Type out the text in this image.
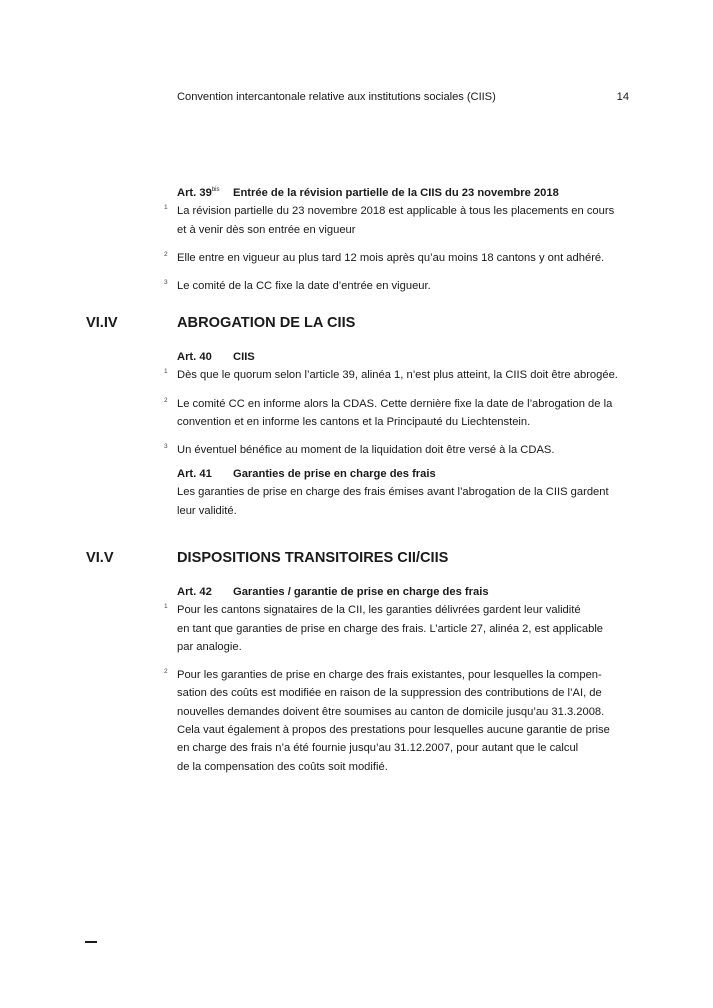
Convention intercantonale relative aux institutions sociales (CIIS)	14
Art. $39^{bis}$ Entrée de la révision partielle de la CIIS du 23 novembre 2018
1 La révision partielle du 23 novembre 2018 est applicable à tous les placements en cours
et à venir dès son entrée en vigueur
2 Elle entre en vigueur au plus tard 12 mois après qu’au moins 18 cantons y ont adhéré.
3 Le comité de la CC fixe la date d’entrée en vigueur.
VI.IV	ABROGATION DE LA CIIS
Art. 40 CIIS
1 Dès que le quorum selon l’article 39, alinéa 1, n’est plus atteint, la CIIS doit être abrogée.
2 Le comité CC en informe alors la CDAS. Cette dernière fixe la date de l’abrogation de la
convention et en informe les cantons et la Principauté du Liechtenstein.
3 Un éventuel bénéfice au moment de la liquidation doit être versé à la CDAS.
Art. 41 Garanties de prise en charge des frais
Les garanties de prise en charge des frais émises avant l’abrogation de la CIIS gardent
leur validité.
VI.V	DISPOSITIONS TRANSITOIRES CII/CIIS
Art. 42 Garanties / garantie de prise en charge des frais
1 Pour les cantons signataires de la CII, les garanties délivrées gardent leur validité
en tant que garanties de prise en charge des frais. L’article 27, alinéa 2, est applicable
par analogie.
2 Pour les garanties de prise en charge des frais existantes, pour lesquelles la compen-
sation des coûts est modifiée en raison de la suppression des contributions de l’AI, de
nouvelles demandes doivent être soumises au canton de domicile jusqu’au 31.3.2008.
Cela vaut également à propos des prestations pour lesquelles aucune garantie de prise
en charge des frais n’a été fournie jusqu’au 31.12.2007, pour autant que le calcul
de la compensation des coûts soit modifié.
